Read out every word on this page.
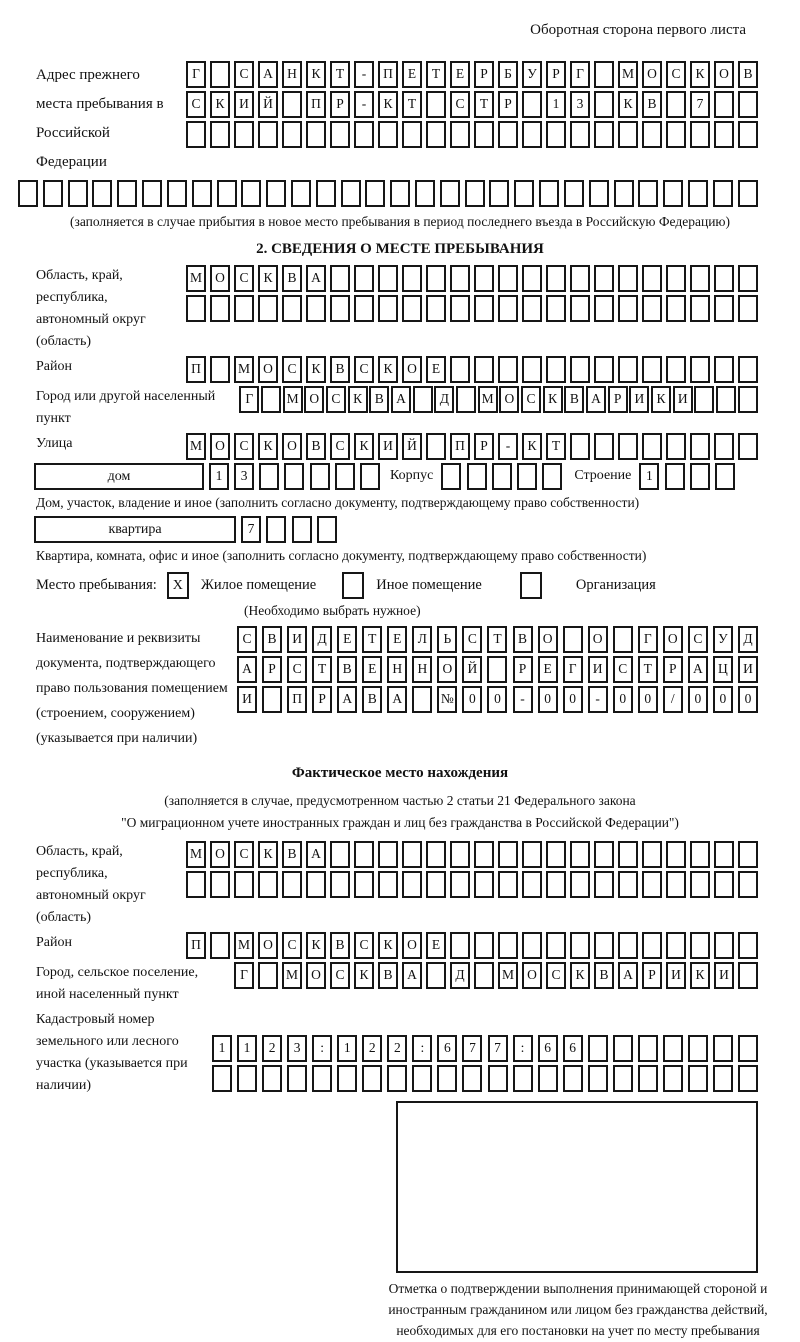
Оборотная сторона первого листа
Адрес прежнего места пребывания в Российской Федерации
Г	С	А	Н	К	Т	-	П	Е	Т	Е	Р	Б	У	Р	Г	М О	С	К	О	В
С	К	И	Й	П	Р	-	К	Т	С	Т	Р	1	3	К	В	7
(заполняется в случае прибытия в новое место пребывания в период последнего въезда в Российскую Федерацию)
2. СВЕДЕНИЯ О МЕСТЕ ПРЕБЫВАНИЯ
Область, край, республика, автономный округ (область)
М О	С	К	В	А
Район	П	М О	С	К	В	С	К	О	Е
Город или другой населенный пункт
Г	М О С К В А	Д	М О С К В А Р И К И
Улица	М О	С	К	О	В	С	К	И	Й	П	Р	-	К	Т
дом	1	3	Корпус	Строение	1
Дом, участок, владение и иное (заполнить согласно документу, подтверждающему право собственности)
квартира	7
Квартира, комната, офис и иное (заполнить согласно документу, подтверждающему право собственности)
Место пребывания:	X	Жилое помещение	Иное помещение	Организация
(Необходимо выбрать нужное)
Наименование и реквизиты документа, подтверждающего право пользования помещением (строением, сооружением) (указывается при наличии)
С	В	И	Д	Е	Т	Е	Л	Ь	С	Т	В	О	О	Г	О	С	У	Д
А	Р	С	Т	В	Е	Н	Н	О	Й	Р	Е	Г	И	С	Т	Р	А	Ц	И
И	П	Р	А	В	А	№	0	0	-	0	0	-	0	0	/	0	0	0
Фактическое место нахождения
(заполняется в случае, предусмотренном частью 2 статьи 21 Федерального закона
"О миграционном учете иностранных граждан и лиц без гражданства в Российской Федерации")
Область, край, республика, автономный округ (область)
М О	С	К	В	А
Район	П	М О	С	К	В	С	К	О	Е
Город, сельское поселение, иной населенный пункт
Г	М О	С	К	В	А	Д	М О	С	К	В	А	Р	И	К	И
Кадастровый номер земельного или лесного участка (указывается при наличии)
1	1	2	3	:	1	2	2	:	6	7	7	:	6	6
Отметка о подтверждении выполнения принимающей стороной и иностранным гражданином или лицом без гражданства действий, необходимых для его постановки на учет по месту пребывания
